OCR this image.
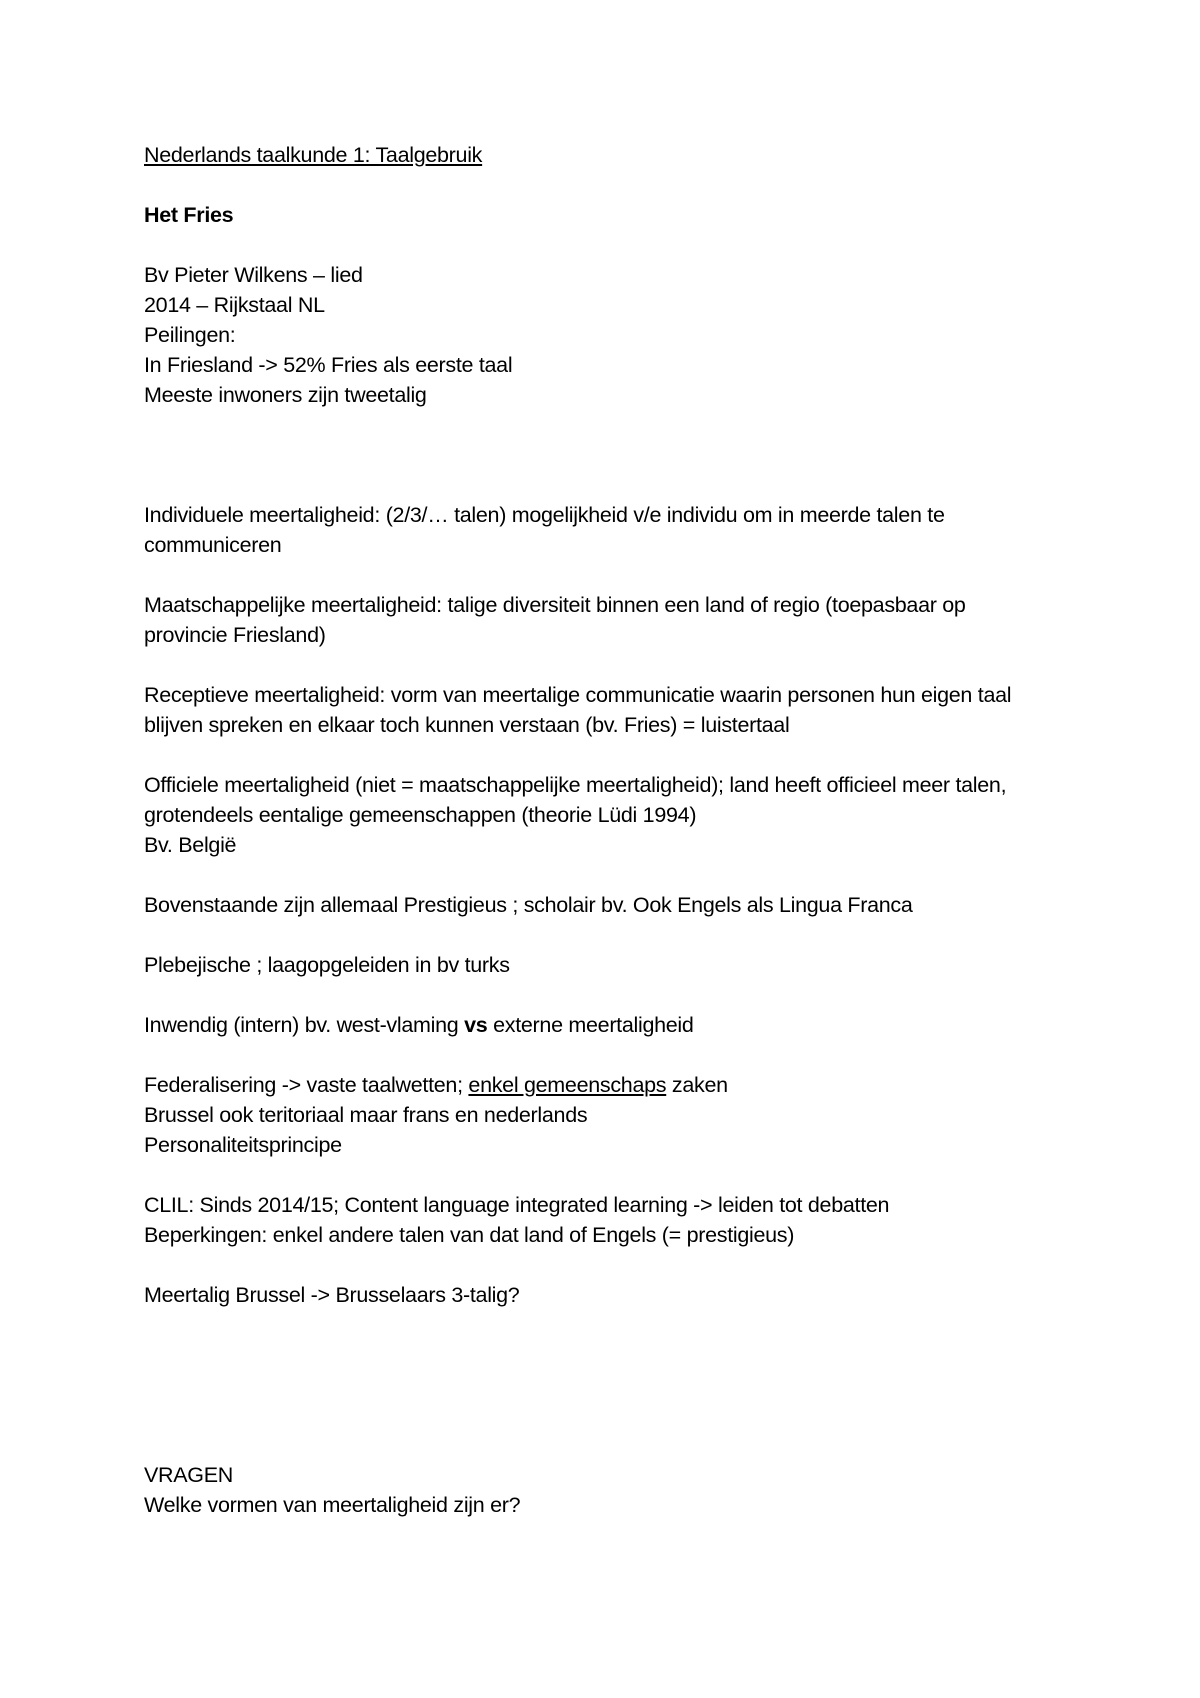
Nederlands taalkunde 1: Taalgebruik
Het Fries
Bv Pieter Wilkens – lied
2014 – Rijkstaal NL
Peilingen:
In Friesland -> 52% Fries als eerste taal
Meeste inwoners zijn tweetalig
Individuele meertaligheid: (2/3/… talen) mogelijkheid v/e individu om in meerde talen te communiceren
Maatschappelijke meertaligheid: talige diversiteit binnen een land of regio (toepasbaar op provincie Friesland)
Receptieve meertaligheid: vorm van meertalige communicatie waarin personen hun eigen taal blijven spreken en elkaar toch kunnen verstaan (bv. Fries) = luistertaal
Officiele meertaligheid (niet = maatschappelijke meertaligheid); land heeft officieel meer talen, grotendeels eentalige gemeenschappen (theorie Lüdi 1994)
Bv. België
Bovenstaande zijn allemaal Prestigieus ; scholair bv. Ook Engels als Lingua Franca
Plebejische ; laagopgeleiden in bv turks
Inwendig (intern) bv. west-vlaming vs externe meertaligheid
Federalisering -> vaste taalwetten; enkel gemeenschaps zaken
Brussel ook teritoriaal maar frans en nederlands
Personaliteitsprincipe
CLIL: Sinds 2014/15; Content language integrated learning -> leiden tot debatten
Beperkingen: enkel andere talen van dat land of Engels (= prestigieus)
Meertalig Brussel -> Brusselaars 3-talig?
VRAGEN
Welke vormen van meertaligheid zijn er?
